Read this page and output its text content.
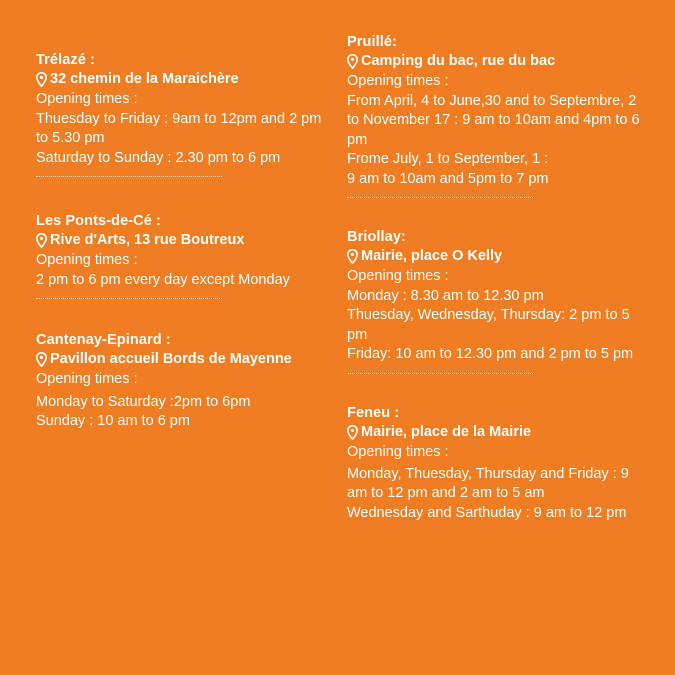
Trélazé :
32 chemin de la Maraichère
Opening times :
Thuesday to Friday : 9am to 12pm and 2 pm to 5.30 pm
Saturday to Sunday : 2.30 pm to 6 pm
Les Ponts-de-Cé :
Rive d'Arts, 13 rue Boutreux
Opening times :
2 pm to 6 pm every day except Monday
Cantenay-Epinard :
Pavillon accueil Bords de Mayenne
Opening times :
Monday to Saturday :2pm to 6pm
Sunday : 10 am to 6 pm
Pruillé:
Camping du bac, rue du bac
Opening times :
From April, 4 to June,30 and to Septembre, 2 to November 17 : 9 am to 10am and 4pm to 6 pm
Frome July, 1 to September, 1 :
9 am to 10am and 5pm to 7 pm
Briollay:
Mairie, place O Kelly
Opening times :
Monday : 8.30 am to 12.30 pm
Thuesday, Wednesday, Thursday: 2 pm to 5 pm
Friday: 10 am to 12.30 pm and 2 pm to 5 pm
Feneu :
Mairie, place de la Mairie
Opening times :
Monday, Thuesday, Thursday and Friday : 9 am to 12 pm and 2 am to 5 am
Wednesday and Sarthuday : 9 am to 12 pm
